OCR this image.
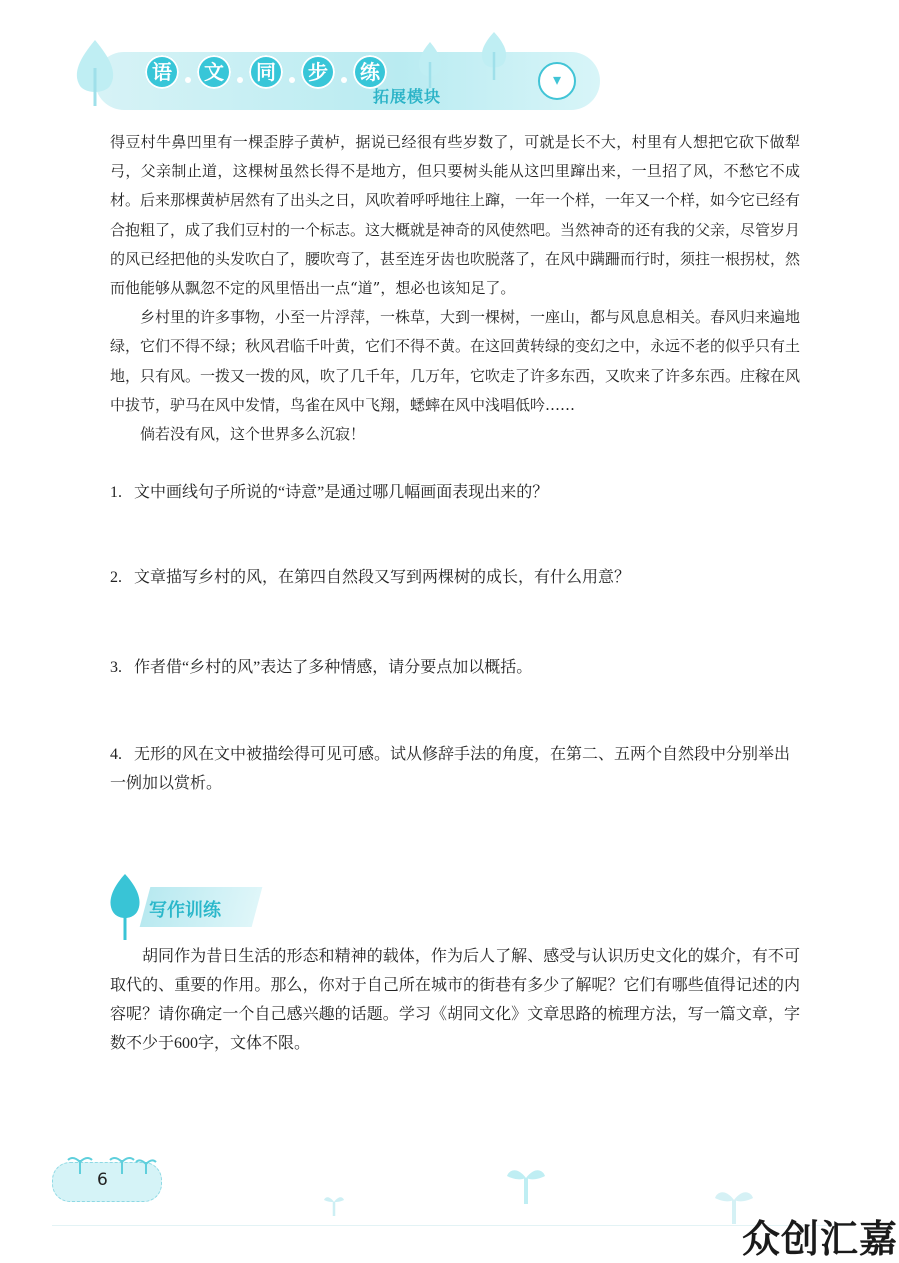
语	文	同	步	练
拓展模块
▾

得豆村牛鼻凹里有一棵歪脖子黄栌，据说已经很有些岁数了，可就是长不大，村里有人想把它砍下做犁弓，父亲制止道，这棵树虽然长得不是地方，但只要树头能从这凹里蹿出来，一旦招了风，不愁它不成材。后来那棵黄栌居然有了出头之日，风吹着呼呼地往上蹿，一年一个样，一年又一个样，如今它已经有合抱粗了，成了我们豆村的一个标志。这大概就是神奇的风使然吧。当然神奇的还有我的父亲，尽管岁月的风已经把他的头发吹白了，腰吹弯了，甚至连牙齿也吹脱落了，在风中蹒跚而行时，须拄一根拐杖，然而他能够从飘忽不定的风里悟出一点“道”，想必也该知足了。

乡村里的许多事物，小至一片浮萍，一株草，大到一棵树，一座山，都与风息息相关。春风归来遍地绿，它们不得不绿；秋风君临千叶黄，它们不得不黄。在这回黄转绿的变幻之中，永远不老的似乎只有土地，只有风。一拨又一拨的风，吹了几千年，几万年，它吹走了许多东西，又吹来了许多东西。庄稼在风中拔节，驴马在风中发情，鸟雀在风中飞翔，蟋蟀在风中浅唱低吟……

倘若没有风，这个世界多么沉寂！

1. 文中画线句子所说的“诗意”是通过哪几幅画面表现出来的？
2. 文章描写乡村的风，在第四自然段又写到两棵树的成长，有什么用意？
3. 作者借“乡村的风”表达了多种情感，请分要点加以概括。
4. 无形的风在文中被描绘得可见可感。试从修辞手法的角度，在第二、五两个自然段中分别举出一例加以赏析。
写作训练

胡同作为昔日生活的形态和精神的载体，作为后人了解、感受与认识历史文化的媒介，有不可取代的、重要的作用。那么，你对于自己所在城市的街巷有多少了解呢？它们有哪些值得记述的内容呢？请你确定一个自己感兴趣的话题。学习《胡同文化》文章思路的梳理方法，写一篇文章，字数不少于600字，文体不限。

6
众创汇嘉
